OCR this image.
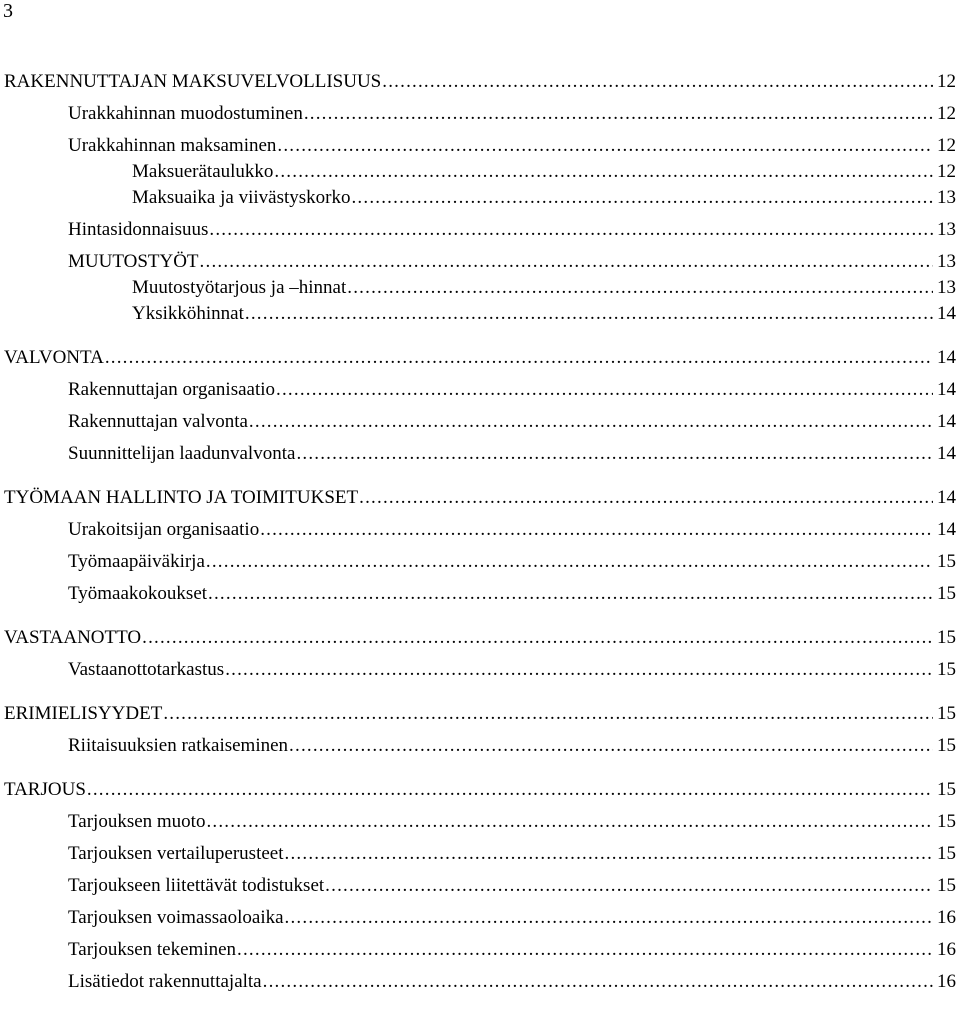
3
RAKENNUTTAJAN MAKSUVELVOLLISUUS .....	12
Urakkahinnan muodostuminen .....	12
Urakkahinnan maksaminen .....	12
Maksuerätaulukko .....	12
Maksuaika ja viivästyskorko .....	13
Hintasidonnaisuus .....	13
MUUTOSTYÖT .....	13
Muutostyötarjous ja –hinnat .....	13
Yksikköhinnat .....	14
VALVONTA .....	14
Rakennuttajan organisaatio .....	14
Rakennuttajan valvonta .....	14
Suunnittelijan laadunvalvonta .....	14
TYÖMAAN HALLINTO JA TOIMITUKSET .....	14
Urakoitsijan organisaatio .....	14
Työmaapäiväkirja .....	15
Työmaakokoukset .....	15
VASTAANOTTO .....	15
Vastaanottotarkastus .....	15
ERIMIELISYYDET .....	15
Riitaisuuksien ratkaiseminen .....	15
TARJOUS .....	15
Tarjouksen muoto .....	15
Tarjouksen vertailuperusteet .....	15
Tarjoukseen liitettävät todistukset .....	15
Tarjouksen voimassaoloaika .....	16
Tarjouksen tekeminen .....	16
Lisätiedot rakennuttajalta .....	16
